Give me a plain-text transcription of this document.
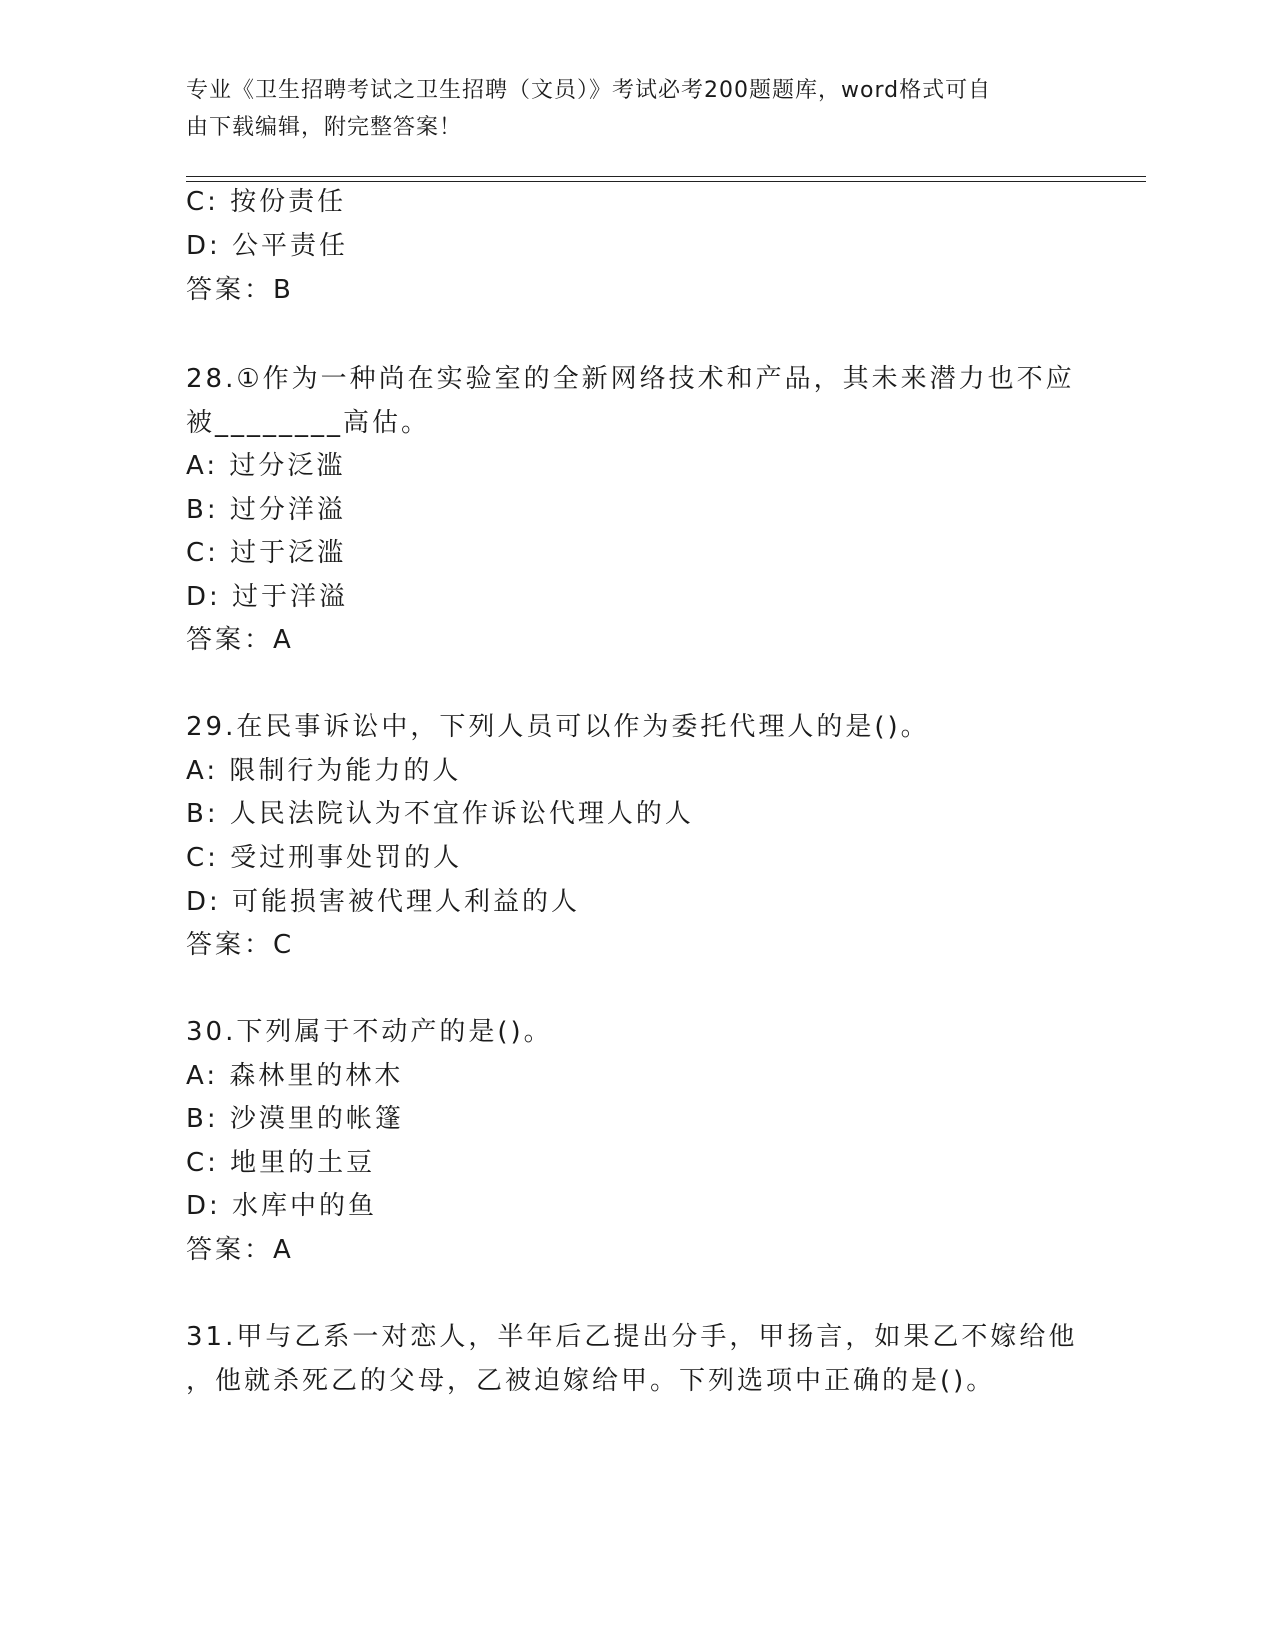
专业《卫生招聘考试之卫生招聘（文员）》考试必考200题题库，word格式可自
由下载编辑，附完整答案！
C: 按份责任
D: 公平责任
答案：B
28.①作为一种尚在实验室的全新网络技术和产品，其未来潜力也不应
被________高估。
A: 过分泛滥
B: 过分洋溢
C: 过于泛滥
D: 过于洋溢
答案：A
29.在民事诉讼中，下列人员可以作为委托代理人的是()。
A: 限制行为能力的人
B: 人民法院认为不宜作诉讼代理人的人
C: 受过刑事处罚的人
D: 可能损害被代理人利益的人
答案：C
30.下列属于不动产的是()。
A: 森林里的林木
B: 沙漠里的帐篷
C: 地里的土豆
D: 水库中的鱼
答案：A
31.甲与乙系一对恋人，半年后乙提出分手，甲扬言，如果乙不嫁给他
，他就杀死乙的父母，乙被迫嫁给甲。下列选项中正确的是()。
